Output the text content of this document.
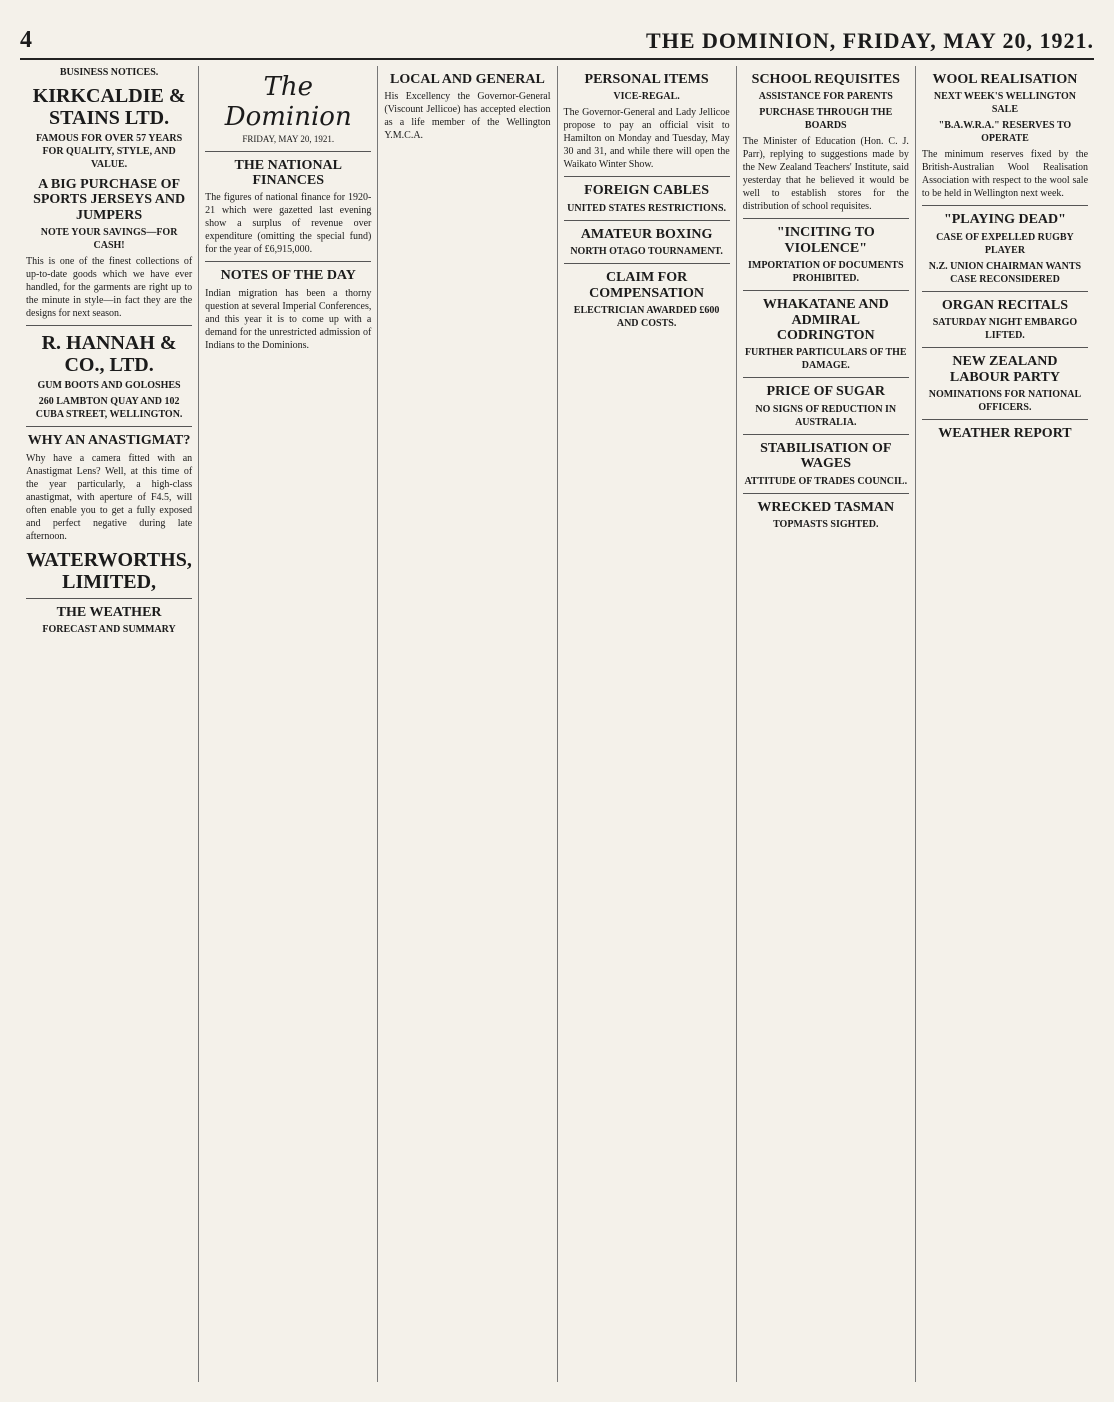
4	THE DOMINION, FRIDAY, MAY 20, 1921.

BUSINESS NOTICES.

KIRKCALDIE & STAINS LTD.

FAMOUS FOR OVER 57 YEARS FOR QUALITY, STYLE, AND VALUE.

A BIG PURCHASE OF SPORTS JERSEYS AND JUMPERS

NOTE YOUR SAVINGS—FOR CASH!

This is one of the finest collections of up-to-date goods which we have ever handled, for the garments are right up to the minute in style—in fact they are the designs for next season.

R. HANNAH & CO., LTD.

GUM BOOTS AND GOLOSHES

260 LAMBTON QUAY AND 102 CUBA STREET, WELLINGTON.

WHY AN ANASTIGMAT?

Why have a camera fitted with an Anastigmat Lens? Well, at this time of the year particularly, a high-class anastigmat, with aperture of F4.5, will often enable you to get a fully exposed and perfect negative during late afternoon.

WATERWORTHS, LIMITED,
THE WEATHER

FORECAST AND SUMMARY

The Dominion

FRIDAY, MAY 20, 1921.

THE NATIONAL FINANCES

The figures of national finance for 1920-21 which were gazetted last evening show a surplus of revenue over expenditure (omitting the special fund) for the year of £6,915,000.

NOTES OF THE DAY

Indian migration has been a thorny question at several Imperial Conferences, and this year it is to come up with a demand for the unrestricted admission of Indians to the Dominions.

LOCAL AND GENERAL

His Excellency the Governor-General (Viscount Jellicoe) has accepted election as a life member of the Wellington Y.M.C.A.

PERSONAL ITEMS

VICE-REGAL.

The Governor-General and Lady Jellicoe propose to pay an official visit to Hamilton on Monday and Tuesday, May 30 and 31, and while there will open the Waikato Winter Show.

FOREIGN CABLES

UNITED STATES RESTRICTIONS.

AMATEUR BOXING

NORTH OTAGO TOURNAMENT.

CLAIM FOR COMPENSATION

ELECTRICIAN AWARDED £600 AND COSTS.

SCHOOL REQUISITES

ASSISTANCE FOR PARENTS

PURCHASE THROUGH THE BOARDS

The Minister of Education (Hon. C. J. Parr), replying to suggestions made by the New Zealand Teachers' Institute, said yesterday that he believed it would be well to establish stores for the distribution of school requisites.

"INCITING TO VIOLENCE"

IMPORTATION OF DOCUMENTS PROHIBITED.

WHAKATANE AND ADMIRAL CODRINGTON

FURTHER PARTICULARS OF THE DAMAGE.

PRICE OF SUGAR

NO SIGNS OF REDUCTION IN AUSTRALIA.

STABILISATION OF WAGES

ATTITUDE OF TRADES COUNCIL.

WRECKED TASMAN

TOPMASTS SIGHTED.

WOOL REALISATION

NEXT WEEK'S WELLINGTON SALE

"B.A.W.R.A." RESERVES TO OPERATE

The minimum reserves fixed by the British-Australian Wool Realisation Association with respect to the wool sale to be held in Wellington next week.

"PLAYING DEAD"

CASE OF EXPELLED RUGBY PLAYER

N.Z. UNION CHAIRMAN WANTS CASE RECONSIDERED

ORGAN RECITALS

SATURDAY NIGHT EMBARGO LIFTED.

NEW ZEALAND LABOUR PARTY

NOMINATIONS FOR NATIONAL OFFICERS.

WEATHER REPORT
